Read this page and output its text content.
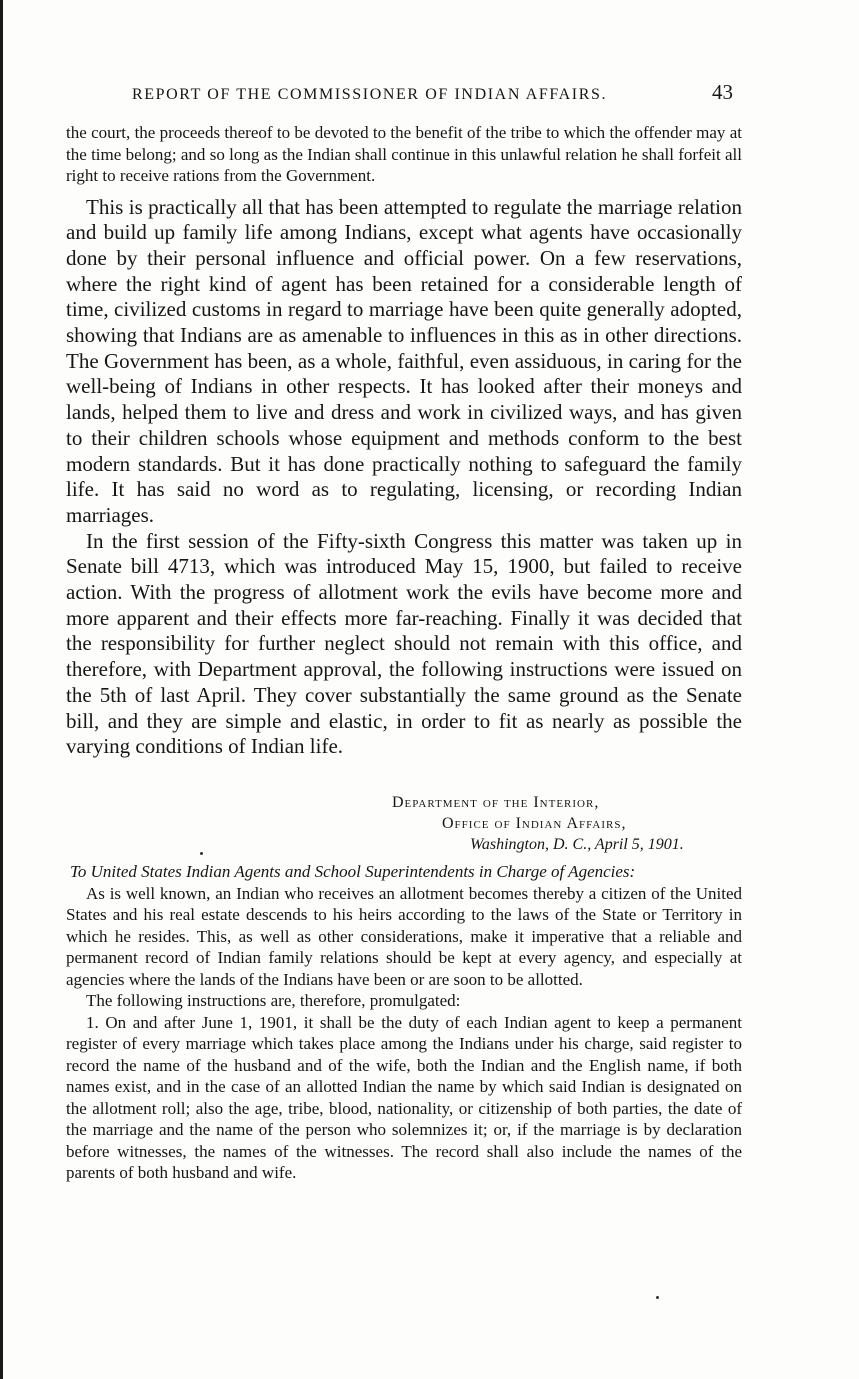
REPORT OF THE COMMISSIONER OF INDIAN AFFAIRS.	43

the court, the proceeds thereof to be devoted to the benefit of the tribe to which the offender may at the time belong; and so long as the Indian shall continue in this unlawful relation he shall forfeit all right to receive rations from the Government.

This is practically all that has been attempted to regulate the marriage relation and build up family life among Indians, except what agents have occasionally done by their personal influence and official power. On a few reservations, where the right kind of agent has been retained for a considerable length of time, civilized customs in regard to marriage have been quite generally adopted, showing that Indians are as amenable to influences in this as in other directions. The Government has been, as a whole, faithful, even assiduous, in caring for the well-being of Indians in other respects. It has looked after their moneys and lands, helped them to live and dress and work in civilized ways, and has given to their children schools whose equipment and methods conform to the best modern standards. But it has done practically nothing to safeguard the family life. It has said no word as to regulating, licensing, or recording Indian marriages.

In the first session of the Fifty-sixth Congress this matter was taken up in Senate bill 4713, which was introduced May 15, 1900, but failed to receive action. With the progress of allotment work the evils have become more and more apparent and their effects more far-reaching. Finally it was decided that the responsibility for further neglect should not remain with this office, and therefore, with Department approval, the following instructions were issued on the 5th of last April. They cover substantially the same ground as the Senate bill, and they are simple and elastic, in order to fit as nearly as possible the varying conditions of Indian life.

Department of the Interior,
Office of Indian Affairs,
Washington, D. C., April 5, 1901.
To United States Indian Agents and School Superintendents in Charge of Agencies:

As is well known, an Indian who receives an allotment becomes thereby a citizen of the United States and his real estate descends to his heirs according to the laws of the State or Territory in which he resides. This, as well as other considerations, make it imperative that a reliable and permanent record of Indian family relations should be kept at every agency, and especially at agencies where the lands of the Indians have been or are soon to be allotted.

The following instructions are, therefore, promulgated:

1. On and after June 1, 1901, it shall be the duty of each Indian agent to keep a permanent register of every marriage which takes place among the Indians under his charge, said register to record the name of the husband and of the wife, both the Indian and the English name, if both names exist, and in the case of an allotted Indian the name by which said Indian is designated on the allotment roll; also the age, tribe, blood, nationality, or citizenship of both parties, the date of the marriage and the name of the person who solemnizes it; or, if the marriage is by declaration before witnesses, the names of the witnesses. The record shall also include the names of the parents of both husband and wife.
